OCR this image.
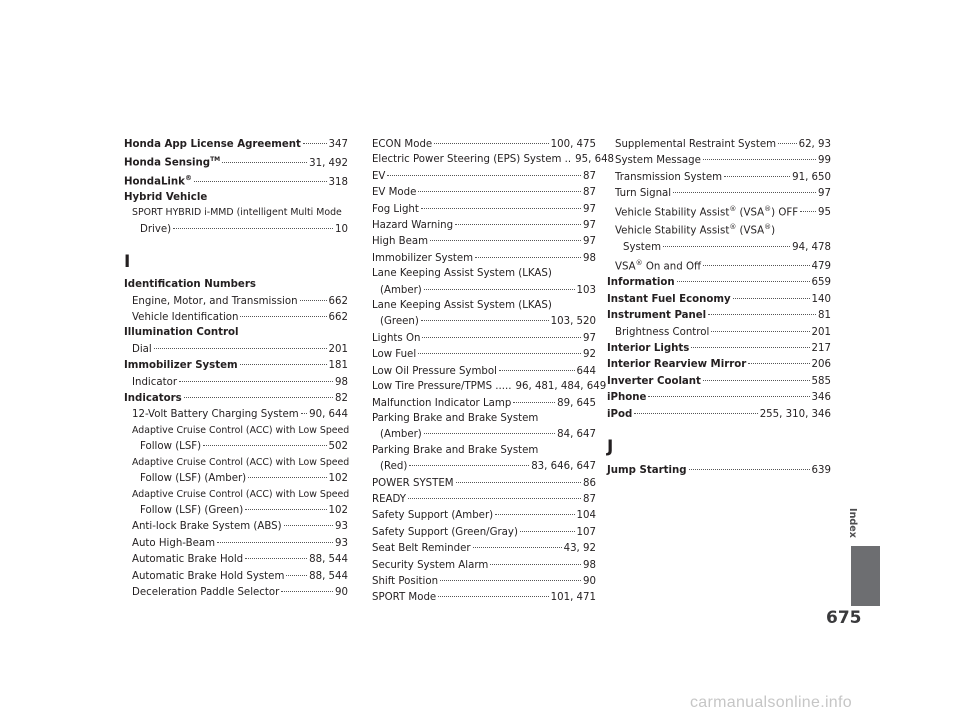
Honda App License Agreement	347
Honda Sensing™	31, 492
HondaLink®	318
Hybrid Vehicle
SPORT HYBRID i-MMD (intelligent Multi Mode
Drive)	10
I
Identification Numbers
Engine, Motor, and Transmission	662
Vehicle Identification	662
Illumination Control
Dial	201
Immobilizer System	181
Indicator	98
Indicators	82
12-Volt Battery Charging System 90, 644
Adaptive Cruise Control (ACC) with Low Speed
Follow (LSF)	502
Adaptive Cruise Control (ACC) with Low Speed
Follow (LSF) (Amber)	102
Adaptive Cruise Control (ACC) with Low Speed
Follow (LSF) (Green)	102
Anti-lock Brake System (ABS)	93
Auto High-Beam	93
Automatic Brake Hold	88, 544
Automatic Brake Hold System 88, 544
Deceleration Paddle Selector	90
ECON Mode	100, 475
Electric Power Steering (EPS) System .. 95, 648
EV	87
EV Mode	87
Fog Light	97
Hazard Warning	97
High Beam	97
Immobilizer System	98
Lane Keeping Assist System (LKAS)
(Amber)	103
Lane Keeping Assist System (LKAS)
(Green)	103, 520
Lights On	97
Low Fuel	92
Low Oil Pressure Symbol	644
Low Tire Pressure/TPMS ..... 96, 481, 484, 649
Malfunction Indicator Lamp	89, 645
Parking Brake and Brake System
(Amber)	84, 647
Parking Brake and Brake System
(Red)	83, 646, 647
POWER SYSTEM	86
READY	87
Safety Support (Amber)	104
Safety Support (Green/Gray)	107
Seat Belt Reminder	43, 92
Security System Alarm	98
Shift Position	90
SPORT Mode	101, 471
Supplemental Restraint System 62, 93
System Message	99
Transmission System	91, 650
Turn Signal	97
Vehicle Stability Assist® (VSA®) OFF 95
Vehicle Stability Assist® (VSA®)
System	94, 478
VSA® On and Off	479
Information	659
Instant Fuel Economy	140
Instrument Panel	81
Brightness Control	201
Interior Lights	217
Interior Rearview Mirror	206
Inverter Coolant	585
iPhone	346
iPod	255, 310, 346
J
Jump Starting	639
Index
675
carmanualsonline.info
